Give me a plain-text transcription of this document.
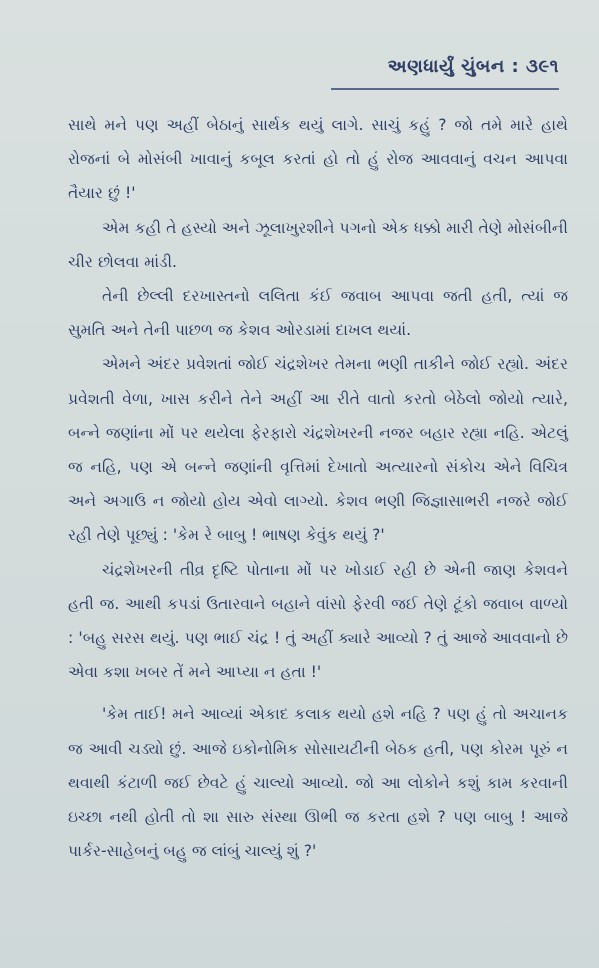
અણધાર્યું ચુંબન : ૩૯૧

સાથે મને પણ અહીં બેઠાનું સાર્થક થયું લાગે. સાચું કહું ? જો તમે મારે હાથે રોજનાં બે મોસંબી ખાવાનું કબૂલ કરતાં હો તો હું રોજ આવવાનું વચન આપવા તૈયાર છું !'

એમ કહી તે હસ્યો અને ઝૂલાખુરશીને પગનો એક ધક્કો મારી તેણે મોસંબીની ચીર છોલવા માંડી.

તેની છેલ્લી દરખાસ્તનો લલિતા કંઈ જવાબ આપવા જતી હતી, ત્યાં જ સુમતિ અને તેની પાછળ જ કેશવ ઓરડામાં દાખલ થયાં.

એમને અંદર પ્રવેશતાં જોઈ ચંદ્રશેખર તેમના ભણી તાકીને જોઈ રહ્યો. અંદર પ્રવેશતી વેળા, ખાસ કરીને તેને અહીં આ રીતે વાતો કરતો બેઠેલો જોયો ત્યારે, બન્ને જણાંના મોં પર થયેલા ફેરફારો ચંદ્રશેખરની નજર બહાર રહ્યા નહિ. એટલું જ નહિ, પણ એ બન્ને જણાંની વૃત્તિમાં દેખાતો અત્યારનો સંકોચ એને વિચિત્ર અને અગાઉ ન જોયો હોય એવો લાગ્યો. કેશવ ભણી જિજ્ઞાસાભરી નજરે જોઈ રહી તેણે પૂછ્યું : 'કેમ રે બાબુ ! ભાષણ કેવુંક થયું ?'

ચંદ્રશેખરની તીવ્ર દૃષ્ટિ પોતાના મોં પર ખોડાઈ રહી છે એની જાણ કેશવને હતી જ. આથી કપડાં ઉતારવાને બહાને વાંસો ફેરવી જઈ તેણે ટૂંકો જવાબ વાળ્યો : 'બહુ સરસ થયું. પણ ભાઈ ચંદ્ર ! તું અહીં ક્યારે આવ્યો ? તું આજે આવવાનો છે એવા કશા ખબર તેં મને આપ્યા ન હતા !'

'કેમ તાઈ! મને આવ્યાં એકાદ કલાક થયો હશે નહિ ? પણ હું તો અચાનક જ આવી ચડ્યો છું. આજે ઇકોનોમિક સોસાયટીની બેઠક હતી, પણ કોરમ પૂરું ન થવાથી કંટાળી જઈ છેવટે હું ચાલ્યો આવ્યો. જો આ લોકોને કશું કામ કરવાની ઇચ્છા નથી હોતી તો શા સારુ સંસ્થા ઊભી જ કરતા હશે ? પણ બાબુ ! આજે પાર્કર-સાહેબનું બહુ જ લાંબું ચાલ્યું શું ?'
